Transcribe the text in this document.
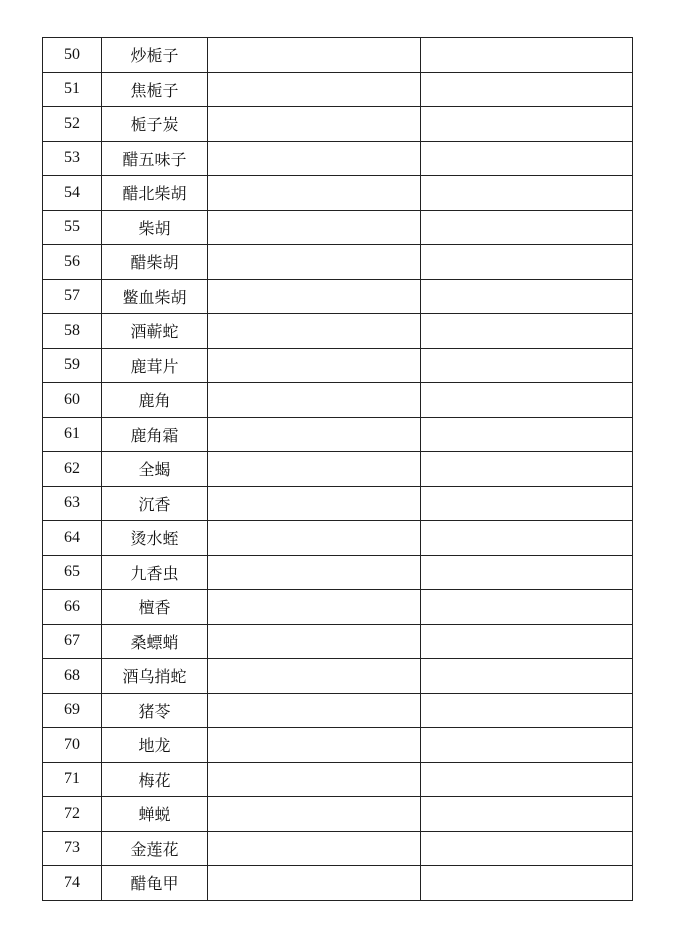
50	炒栀子		
51	焦栀子		
52	栀子炭		
53	醋五味子		
54	醋北柴胡		
55	柴胡		
56	醋柴胡		
57	鳖血柴胡		
58	酒蕲蛇		
59	鹿茸片		
60	鹿角		
61	鹿角霜		
62	全蝎		
63	沉香		
64	烫水蛭		
65	九香虫		
66	檀香		
67	桑螵蛸		
68	酒乌捎蛇		
69	猪苓		
70	地龙		
71	梅花		
72	蝉蜕		
73	金莲花		
74	醋龟甲		
